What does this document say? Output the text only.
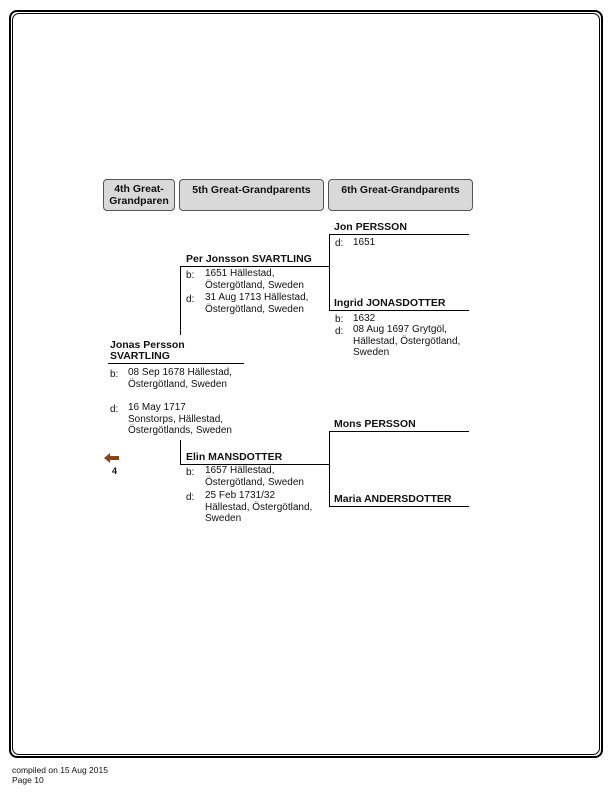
4th Great-
Grandparen
5th Great-Grandparents	6th Great-Grandparents
Jonas Persson
SVARTLING
b: 08 Sep 1678 Hällestad,
Östergötland, Sweden
d: 16 May 1717
Sonstorps, Hällestad,
Östergötlands, Sweden
4
Per Jonsson SVARTLING
b: 1651 Hällestad,
Östergötland, Sweden
d: 31 Aug 1713 Hällestad,
Östergötland, Sweden
Elin MANSDOTTER
b: 1657 Hällestad,
Östergötland, Sweden
d: 25 Feb 1731/32
Hällestad, Östergötland,
Sweden
Jon PERSSON
d: 1651
Ingrid JONASDOTTER
b: 1632
d: 08 Aug 1697 Grytgöl,
Hällestad, Östergötland,
Sweden
Mons PERSSON
Maria ANDERSDOTTER
compiled on 15 Aug 2015
Page 10
